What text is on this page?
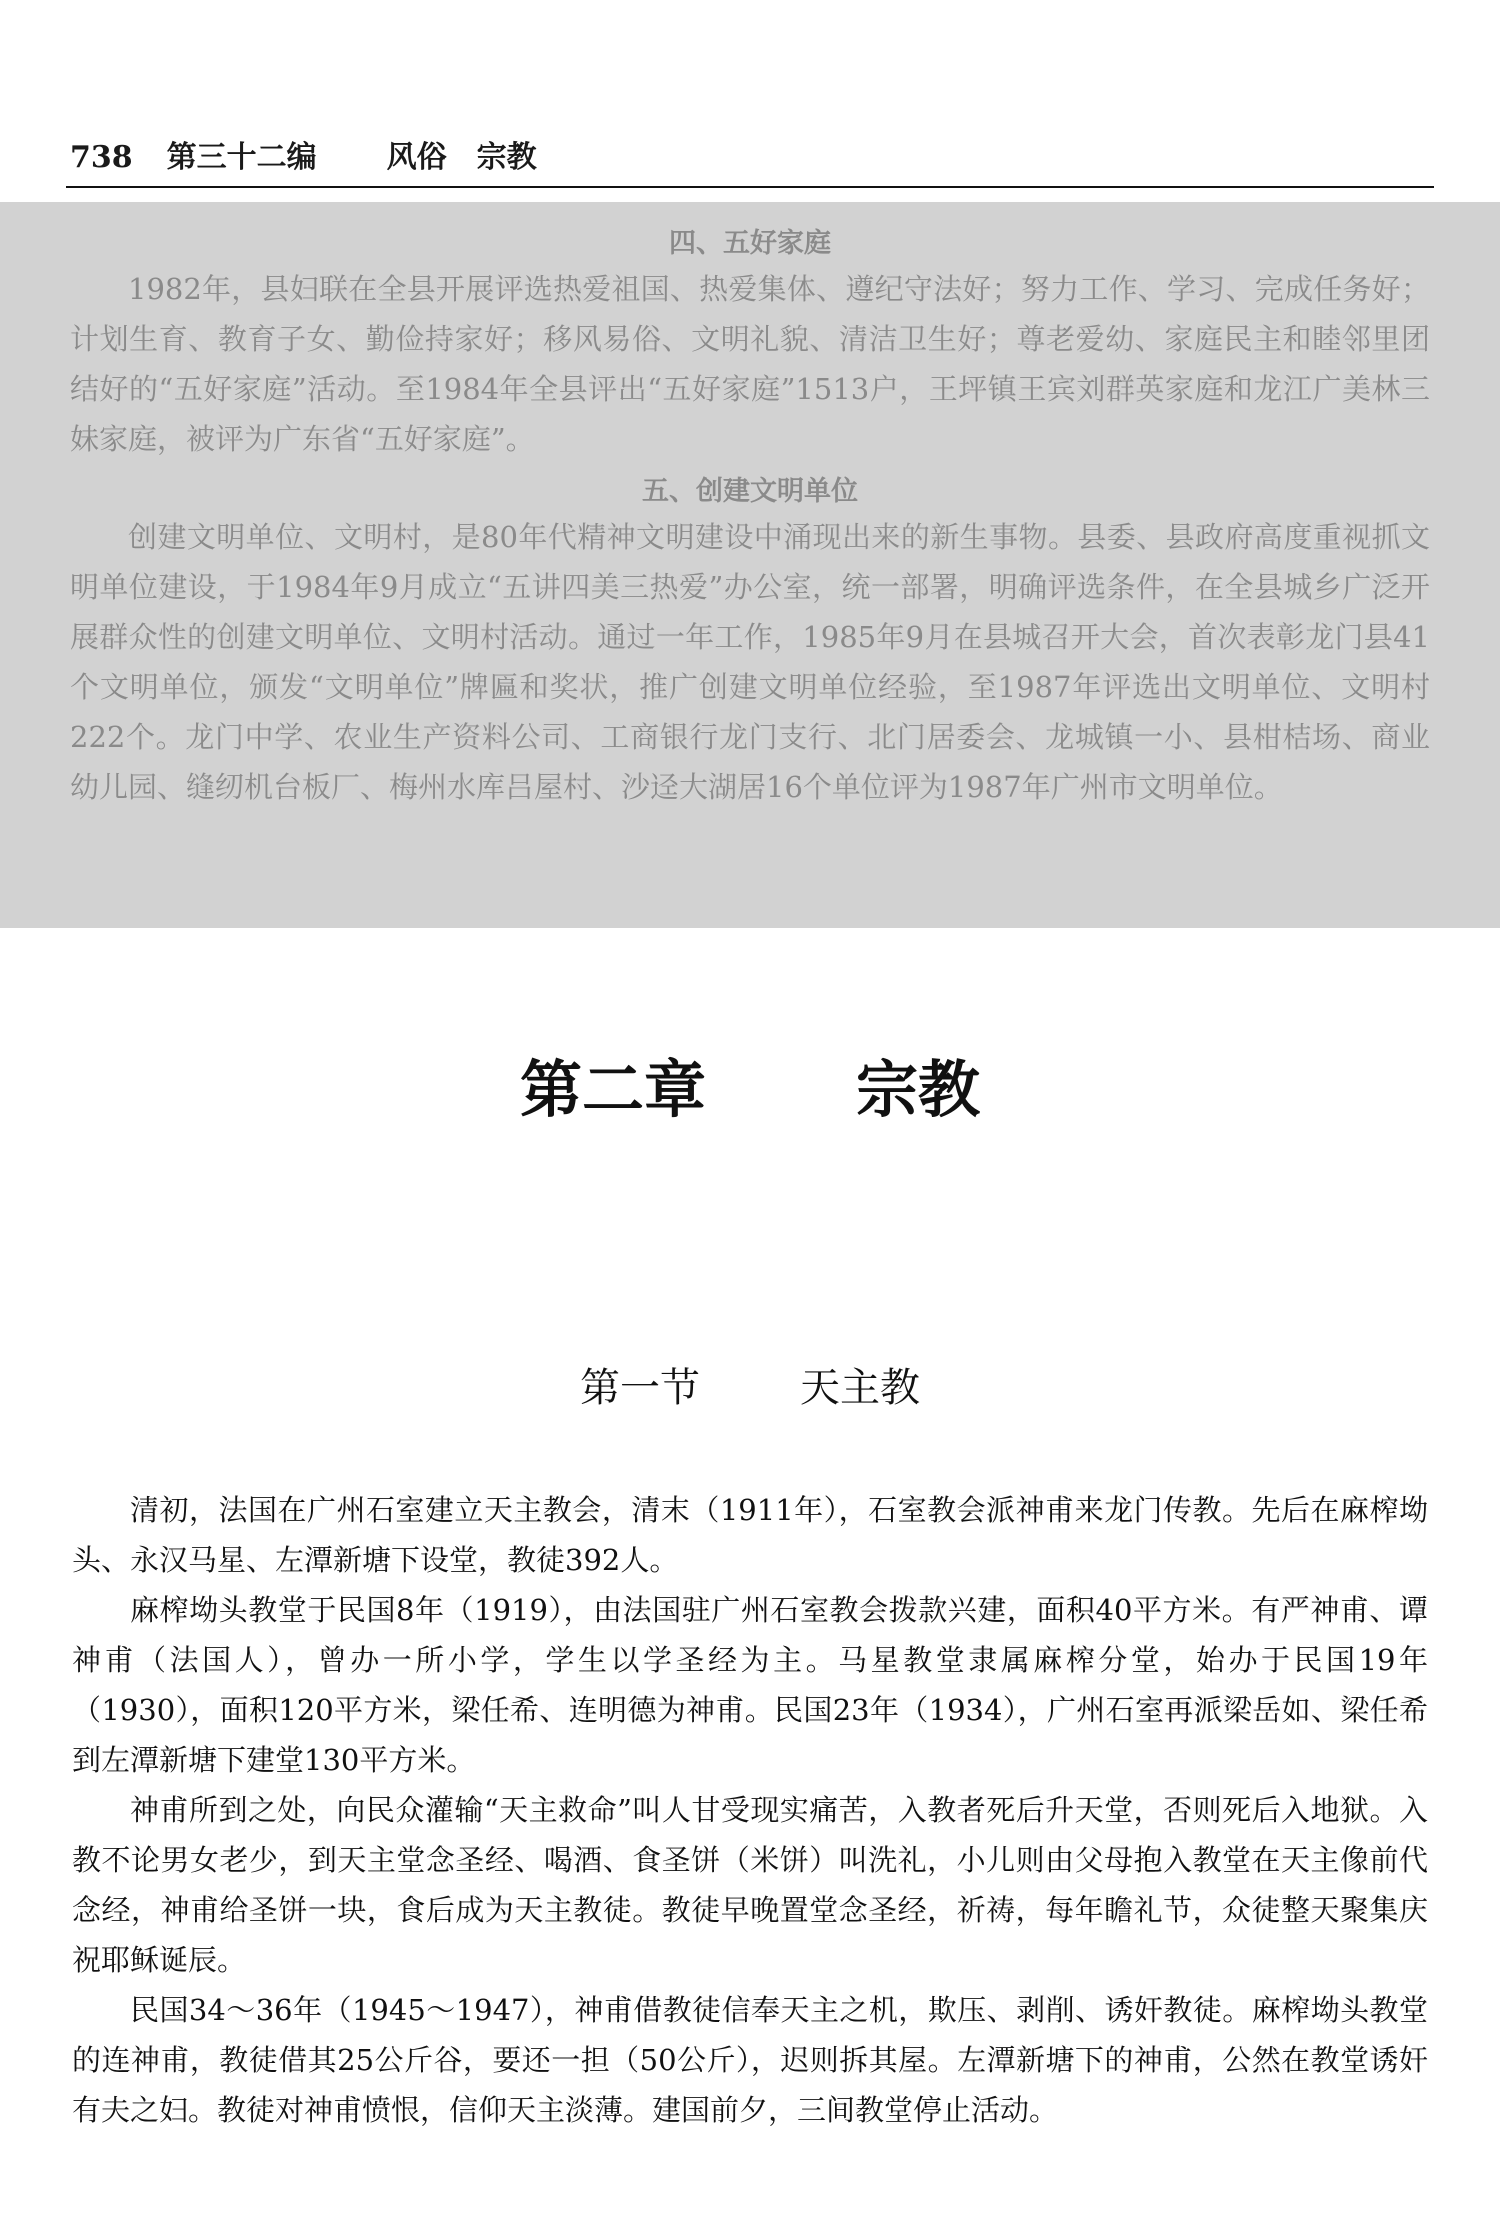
738 第三十二编 风俗 宗教

四、五好家庭

1982年，县妇联在全县开展评选热爱祖国、热爱集体、遵纪守法好；努力工作、学习、完成任务好；计划生育、教育子女、勤俭持家好；移风易俗、文明礼貌、清洁卫生好；尊老爱幼、家庭民主和睦邻里团结好的“五好家庭”活动。至1984年全县评出“五好家庭”1513户，王坪镇王宾刘群英家庭和龙江广美林三妹家庭，被评为广东省“五好家庭”。

五、创建文明单位

创建文明单位、文明村，是80年代精神文明建设中涌现出来的新生事物。县委、县政府高度重视抓文明单位建设，于1984年9月成立“五讲四美三热爱”办公室，统一部署，明确评选条件，在全县城乡广泛开展群众性的创建文明单位、文明村活动。通过一年工作，1985年9月在县城召开大会，首次表彰龙门县41个文明单位，颁发“文明单位”牌匾和奖状，推广创建文明单位经验，至1987年评选出文明单位、文明村222个。龙门中学、农业生产资料公司、工商银行龙门支行、北门居委会、龙城镇一小、县柑桔场、商业幼儿园、缝纫机台板厂、梅州水库吕屋村、沙迳大湖居16个单位评为1987年广州市文明单位。

第二章 宗教
第一节	天主教

清初，法国在广州石室建立天主教会，清末（1911年），石室教会派神甫来龙门传教。先后在麻榨坳头、永汉马星、左潭新塘下设堂，教徒392人。

麻榨坳头教堂于民国8年（1919），由法国驻广州石室教会拨款兴建，面积40平方米。有严神甫、谭神甫（法国人），曾办一所小学，学生以学圣经为主。马星教堂隶属麻榨分堂，始办于民国19年（1930），面积120平方米，梁任希、连明德为神甫。民国23年（1934），广州石室再派梁岳如、梁任希到左潭新塘下建堂130平方米。

神甫所到之处，向民众灌输“天主救命”叫人甘受现实痛苦，入教者死后升天堂，否则死后入地狱。入教不论男女老少，到天主堂念圣经、喝酒、食圣饼（米饼）叫洗礼，小儿则由父母抱入教堂在天主像前代念经，神甫给圣饼一块，食后成为天主教徒。教徒早晚置堂念圣经，祈祷，每年瞻礼节，众徒整天聚集庆祝耶稣诞辰。

民国34～36年（1945～1947），神甫借教徒信奉天主之机，欺压、剥削、诱奸教徒。麻榨坳头教堂的连神甫，教徒借其25公斤谷，要还一担（50公斤），迟则拆其屋。左潭新塘下的神甫，公然在教堂诱奸有夫之妇。教徒对神甫愤恨，信仰天主淡薄。建国前夕，三间教堂停止活动。
